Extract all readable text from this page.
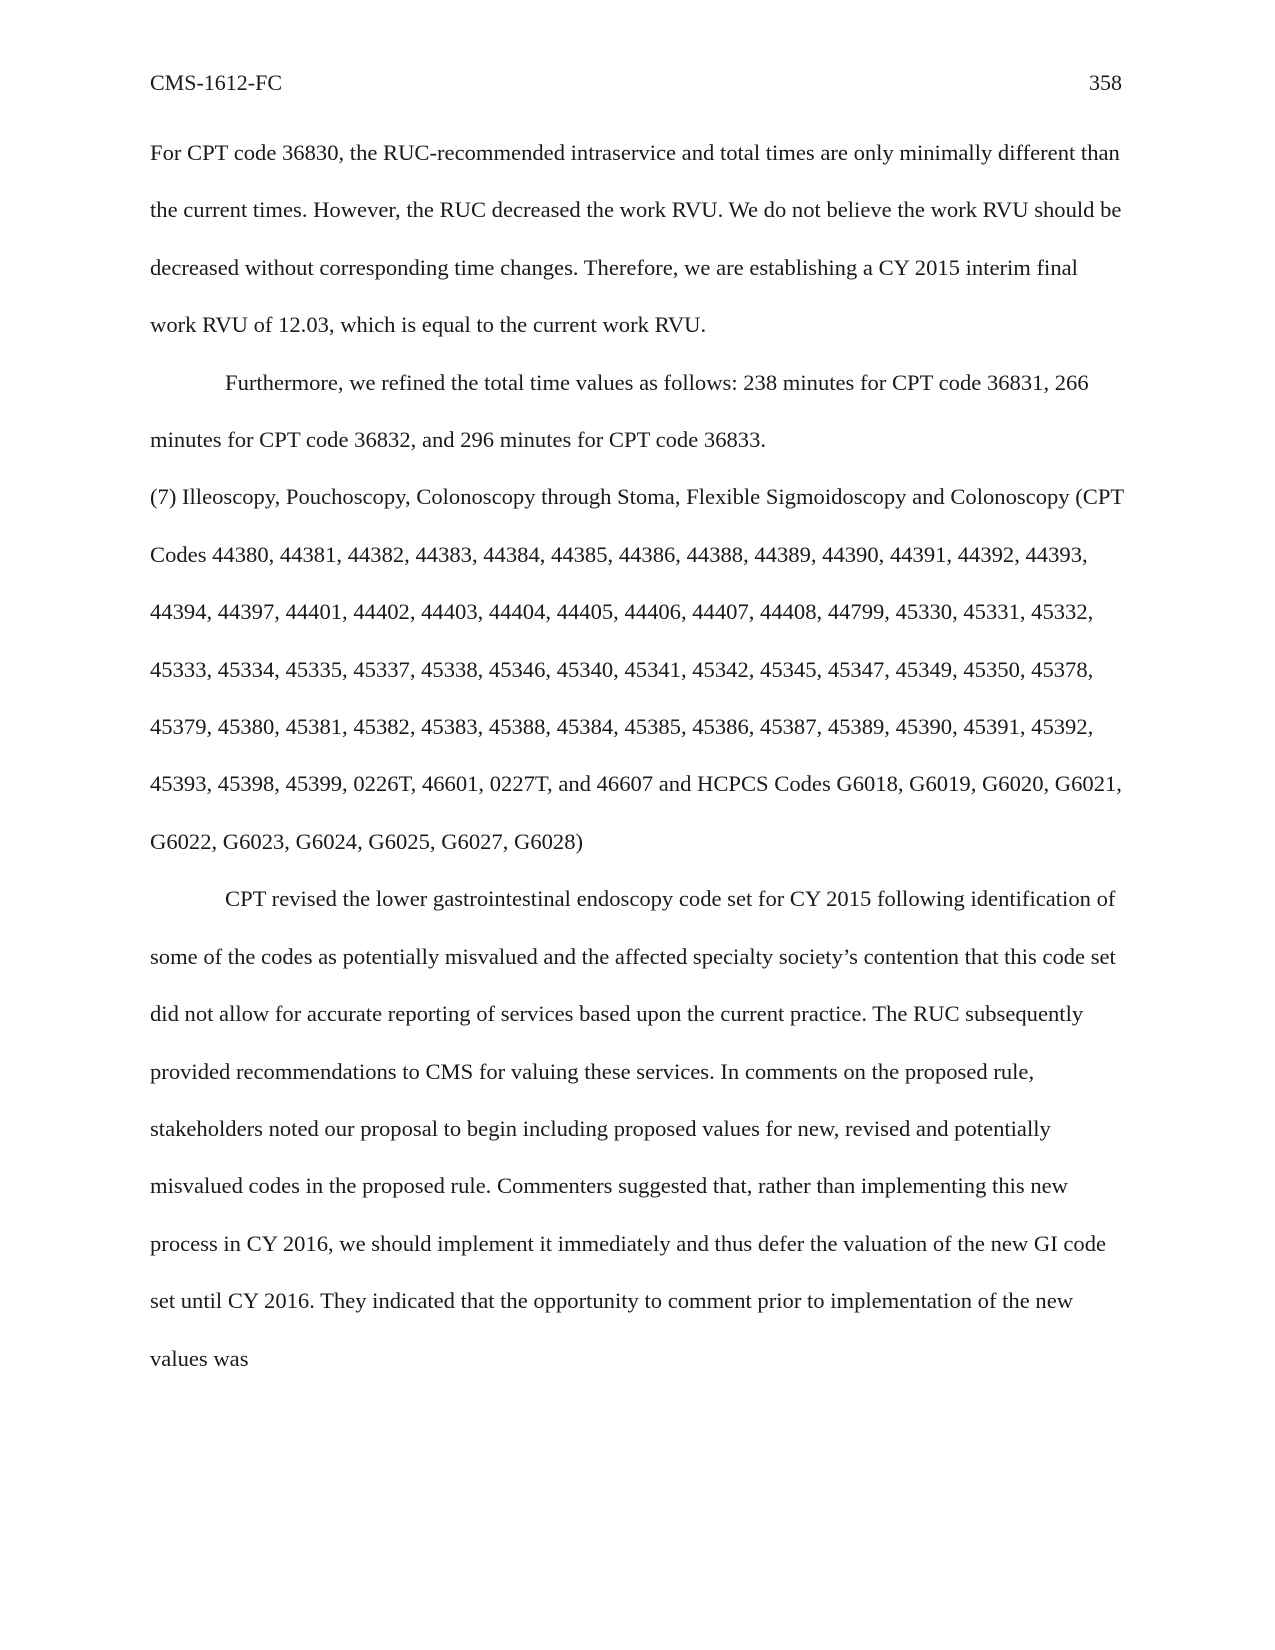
CMS-1612-FC	358

For CPT code 36830, the RUC-recommended intraservice and total times are only minimally different than the current times. However, the RUC decreased the work RVU. We do not believe the work RVU should be decreased without corresponding time changes. Therefore, we are establishing a CY 2015 interim final work RVU of 12.03, which is equal to the current work RVU.

Furthermore, we refined the total time values as follows: 238 minutes for CPT code 36831, 266 minutes for CPT code 36832, and 296 minutes for CPT code 36833.

(7) Illeoscopy, Pouchoscopy, Colonoscopy through Stoma, Flexible Sigmoidoscopy and Colonoscopy (CPT Codes 44380, 44381, 44382, 44383, 44384, 44385, 44386, 44388, 44389, 44390, 44391, 44392, 44393, 44394, 44397, 44401, 44402, 44403, 44404, 44405, 44406, 44407, 44408, 44799, 45330, 45331, 45332, 45333, 45334, 45335, 45337, 45338, 45346, 45340, 45341, 45342, 45345, 45347, 45349, 45350, 45378, 45379, 45380, 45381, 45382, 45383, 45388, 45384, 45385, 45386, 45387, 45389, 45390, 45391, 45392, 45393, 45398, 45399, 0226T, 46601, 0227T, and 46607 and HCPCS Codes G6018, G6019, G6020, G6021, G6022, G6023, G6024, G6025, G6027, G6028)

CPT revised the lower gastrointestinal endoscopy code set for CY 2015 following identification of some of the codes as potentially misvalued and the affected specialty society’s contention that this code set did not allow for accurate reporting of services based upon the current practice. The RUC subsequently provided recommendations to CMS for valuing these services. In comments on the proposed rule, stakeholders noted our proposal to begin including proposed values for new, revised and potentially misvalued codes in the proposed rule. Commenters suggested that, rather than implementing this new process in CY 2016, we should implement it immediately and thus defer the valuation of the new GI code set until CY 2016. They indicated that the opportunity to comment prior to implementation of the new values was
